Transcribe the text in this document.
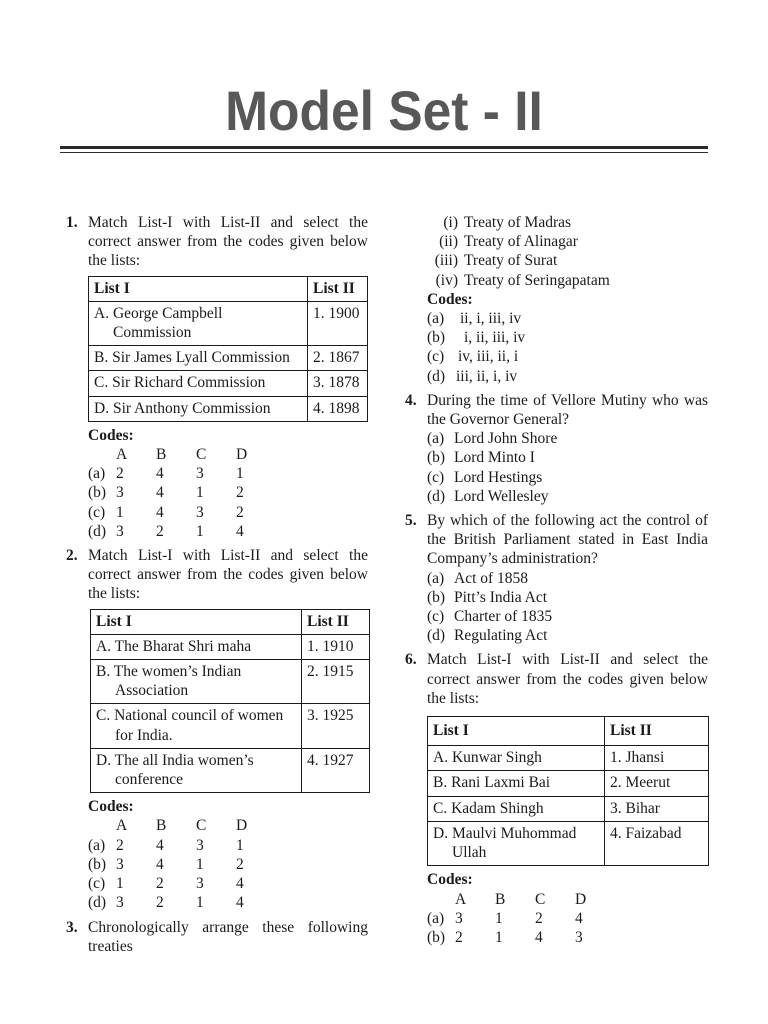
Model Set - II
1. Match List-I with List-II and select the correct answer from the codes given below the lists:
List I	List II
A. George Campbell Commission	1. 1900
B. Sir James Lyall Commission	2. 1867
C. Sir Richard Commission	3. 1878
D. Sir Anthony Commission	4. 1898
Codes:
A	B	C	D
(a) 2	4	3	1
(b) 3	4	1	2
(c) 1	4	3	2
(d) 3	2	1	4
2. Match List-I with List-II and select the correct answer from the codes given below the lists:
List I	List II
A. The Bharat Shri maha	1. 1910
B. The women’s Indian Association	2. 1915
C. National council of women for India.	3. 1925
D. The all India women’s conference	4. 1927
Codes:
A	B	C	D
(a) 2	4	3	1
(b) 3	4	1	2
(c) 1	2	3	4
(d) 3	2	1	4
3. Chronologically arrange these following treaties
(i) Treaty of Madras
(ii) Treaty of Alinagar
(iii) Treaty of Surat
(iv) Treaty of Seringapatam
Codes:
(a)	ii, i, iii, iv
(b)	i, ii, iii, iv
(c) iv, iii, ii, i
(d) iii, ii, i, iv
4. During the time of Vellore Mutiny who was the Governor General?
(a) Lord John Shore
(b) Lord Minto I
(c) Lord Hestings
(d) Lord Wellesley
5. By which of the following act the control of the British Parliament stated in East India Company’s administration?
(a) Act of 1858
(b) Pitt’s India Act
(c) Charter of 1835
(d) Regulating Act
6. Match List-I with List-II and select the correct answer from the codes given below the lists:
List I	List II
A. Kunwar Singh	1. Jhansi
B. Rani Laxmi Bai	2. Meerut
C. Kadam Shingh	3. Bihar
D. Maulvi Muhommad Ullah	4. Faizabad
Codes:
A	B	C	D
(a) 3	1	2	4
(b) 2	1	4	3
